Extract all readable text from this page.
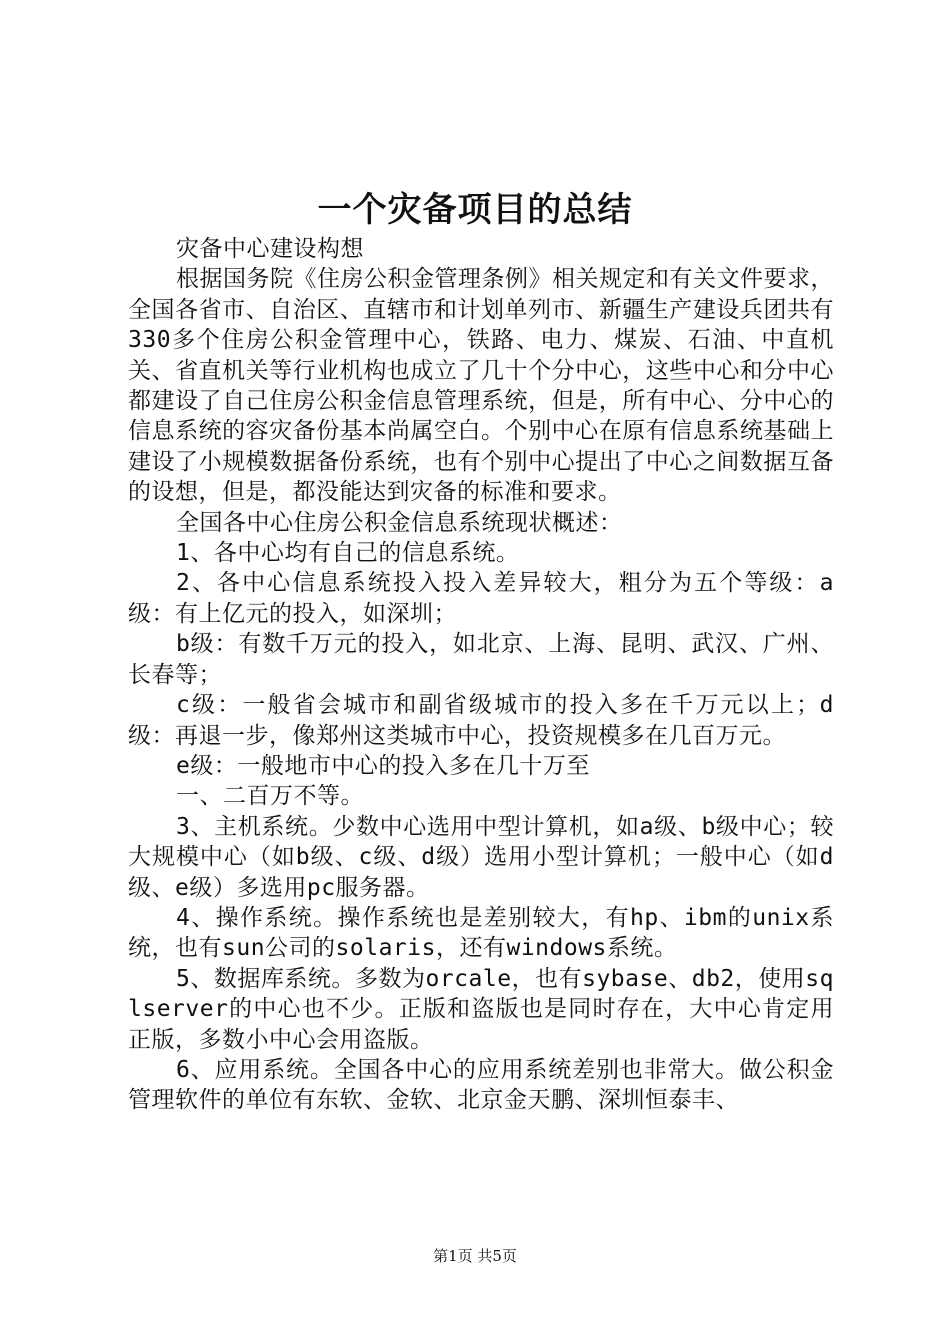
一个灾备项目的总结

灾备中心建设构想

根据国务院《住房公积金管理条例》相关规定和有关文件要求，全国各省市、自治区、直辖市和计划单列市、新疆生产建设兵团共有330多个住房公积金管理中心，铁路、电力、煤炭、石油、中直机关、省直机关等行业机构也成立了几十个分中心，这些中心和分中心都建设了自己住房公积金信息管理系统，但是，所有中心、分中心的信息系统的容灾备份基本尚属空白。个别中心在原有信息系统基础上建设了小规模数据备份系统，也有个别中心提出了中心之间数据互备的设想，但是，都没能达到灾备的标准和要求。

全国各中心住房公积金信息系统现状概述：

1、各中心均有自己的信息系统。

2、各中心信息系统投入投入差异较大，粗分为五个等级：a级：有上亿元的投入，如深圳；

b级：有数千万元的投入，如北京、上海、昆明、武汉、广州、长春等；

c级：一般省会城市和副省级城市的投入多在千万元以上；d级：再退一步，像郑州这类城市中心，投资规模多在几百万元。

e级：一般地市中心的投入多在几十万至

一、二百万不等。

3、主机系统。少数中心选用中型计算机，如a级、b级中心；较大规模中心（如b级、c级、d级）选用小型计算机；一般中心（如d级、e级）多选用pc服务器。

4、操作系统。操作系统也是差别较大，有hp、ibm的unix系统，也有sun公司的solaris，还有windows系统。

5、数据库系统。多数为orcale，也有sybase、db2，使用sqlserver的中心也不少。正版和盗版也是同时存在，大中心肯定用正版，多数小中心会用盗版。

6、应用系统。全国各中心的应用系统差别也非常大。做公积金管理软件的单位有东软、金软、北京金天鹏、深圳恒泰丰、

第1页 共5页
